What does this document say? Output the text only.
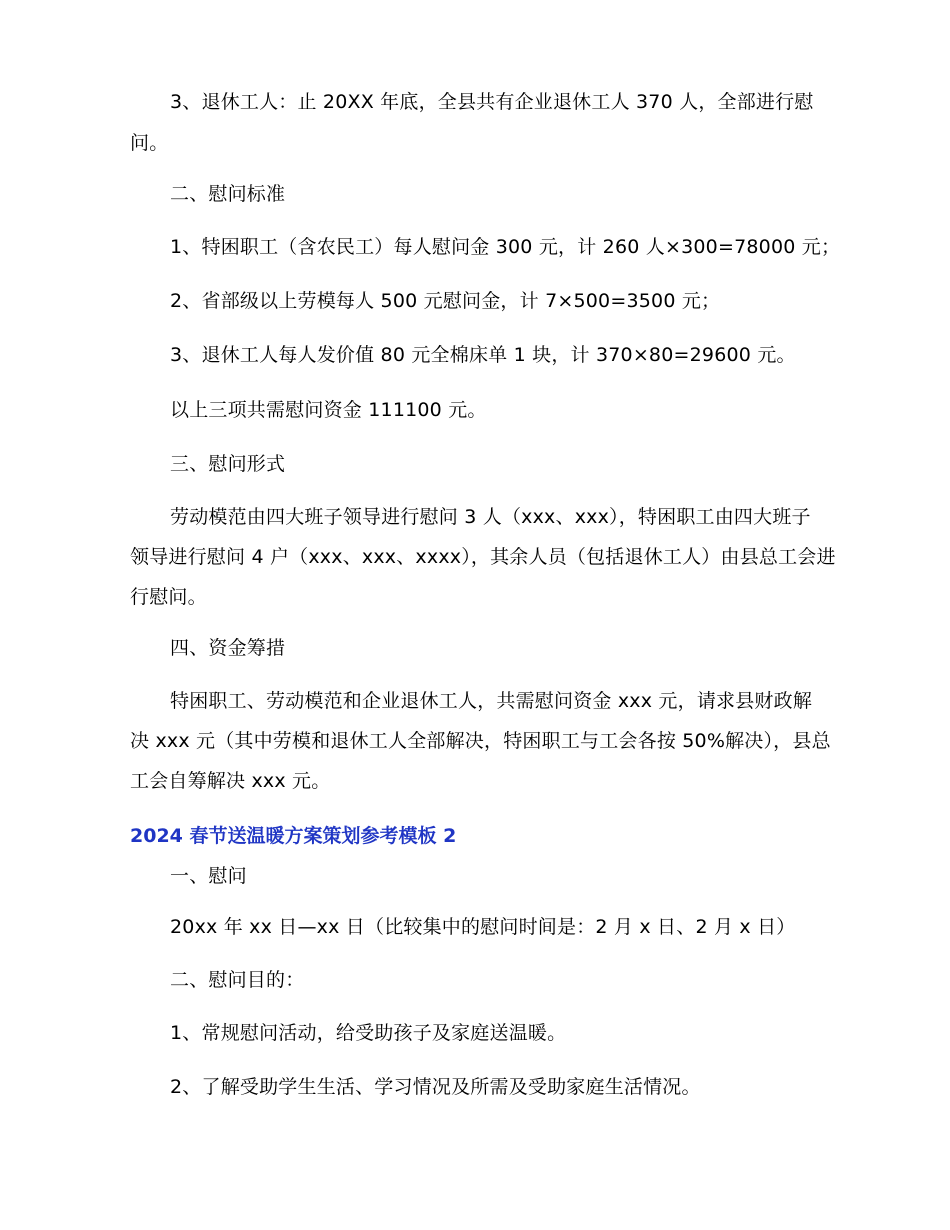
3、退休工人：止 20XX 年底，全县共有企业退休工人 370 人，全部进行慰
问。
二、慰问标准
1、特困职工（含农民工）每人慰问金 300 元，计 260 人×300=78000 元；
2、省部级以上劳模每人 500 元慰问金，计 7×500=3500 元；
3、退休工人每人发价值 80 元全棉床单 1 块，计 370×80=29600 元。
以上三项共需慰问资金 111100 元。
三、慰问形式
劳动模范由四大班子领导进行慰问 3 人（xxx、xxx），特困职工由四大班子
领导进行慰问 4 户（xxx、xxx、xxxx），其余人员（包括退休工人）由县总工会进
行慰问。
四、资金筹措
特困职工、劳动模范和企业退休工人，共需慰问资金 xxx 元，请求县财政解
决 xxx 元（其中劳模和退休工人全部解决，特困职工与工会各按 50%解决），县总
工会自筹解决 xxx 元。
2024 春节送温暖方案策划参考模板 2
一、慰问
20xx 年 xx 日—xx 日（比较集中的慰问时间是：2 月 x 日、2 月 x 日）
二、慰问目的：
1、常规慰问活动，给受助孩子及家庭送温暖。
2、了解受助学生生活、学习情况及所需及受助家庭生活情况。
